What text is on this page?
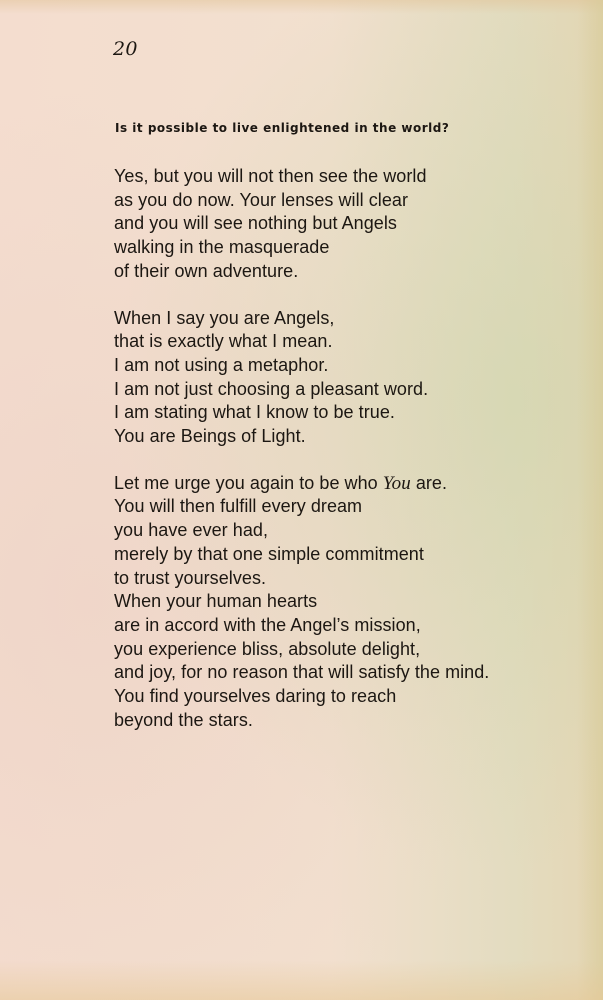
20
Is it possible to live enlightened in the world?

Yes, but you will not then see the world
as you do now. Your lenses will clear
and you will see nothing but Angels
walking in the masquerade
of their own adventure.

When I say you are Angels,
that is exactly what I mean.
I am not using a metaphor.
I am not just choosing a pleasant word.
I am stating what I know to be true.
You are Beings of Light.

Let me urge you again to be who You are.
You will then fulfill every dream
you have ever had,
merely by that one simple commitment
to trust yourselves.
When your human hearts
are in accord with the Angel’s mission,
you experience bliss, absolute delight,
and joy, for no reason that will satisfy the mind.
You find yourselves daring to reach
beyond the stars.
